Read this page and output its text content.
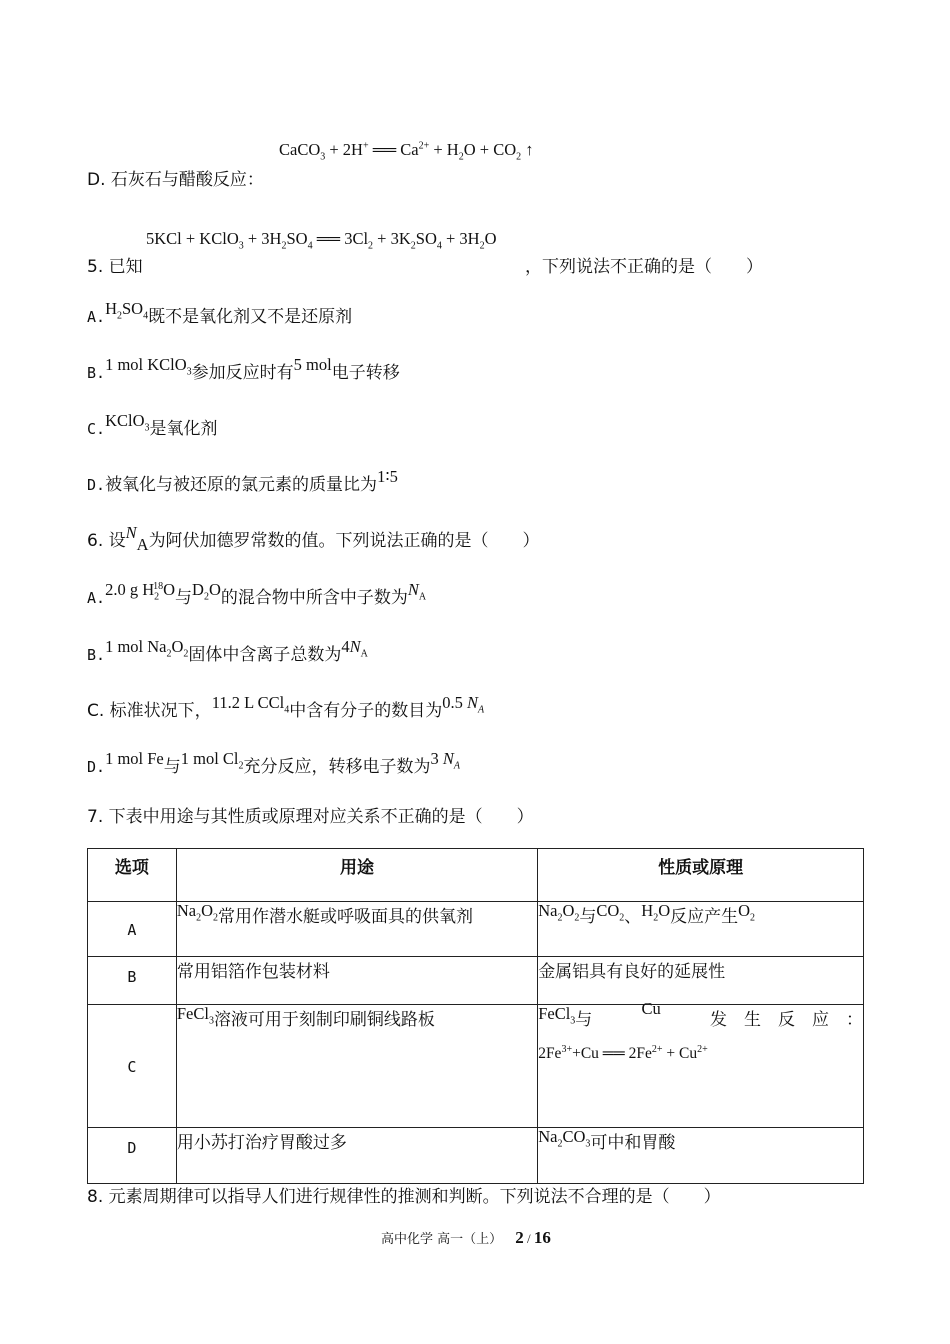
CaCO$_3$ + 2H+ ══ $Ca^{2+} + H_2O + CO_2$ ↑
D. 石灰石与醋酸反应：
5KCl + KClO$_3$ + $3H_2SO_4$ ══ $3Cl_2 + 3K_2SO_4 + 3H_2O$
5. 已知	，下列说法不正确的是（　　）
$A.H_2SO_4$既不是氧化剂又不是还原剂
B.1 mol KClO$_3$参加反应时有5 mol电子转移
C.KClO$_3$是氧化剂
D.被氧化与被还原的氯元素的质量比为1∶5
6. 设$N_A$为阿伏加德罗常数的值。下列说法正确的是（　　）
A.2.0 g $H_2^{18}O$与$D_2O$的混合物中所含中子数为$N_A$
B.1 mol $Na_2O_2$固体中含离子总数为$4N_A$
C. 标准状况下，11.2 L CCl$_4$中含有分子的数目为0.5 $N_A$
D.1 mol Fe与1 mol $Cl_2$充分反应，转移电子数为3 $N_A$
7. 下表中用途与其性质或原理对应关系不正确的是（　　）
选项	用途	性质或原理
A	$Na_2O_2$常用作潜水艇或呼吸面具的供氧剂	$Na_2O_2$与$CO_2$、$H_2O$反应产生$O_2$
B	常用铝箔作包装材料	金属铝具有良好的延展性
C	FeCl$_3$溶液可用于刻制印刷铜线路板	FeCl$_3$与
Cu
发　生　反　应　：
$2Fe^{3+}+Cu$ ══ $2Fe^{2+} + Cu^{2+}$

D	用小苏打治疗胃酸过多	$Na_2CO_3$可中和胃酸
8. 元素周期律可以指导人们进行规律性的推测和判断。下列说法不合理的是（　　）
高中化学 高一（上） 2 / 16
